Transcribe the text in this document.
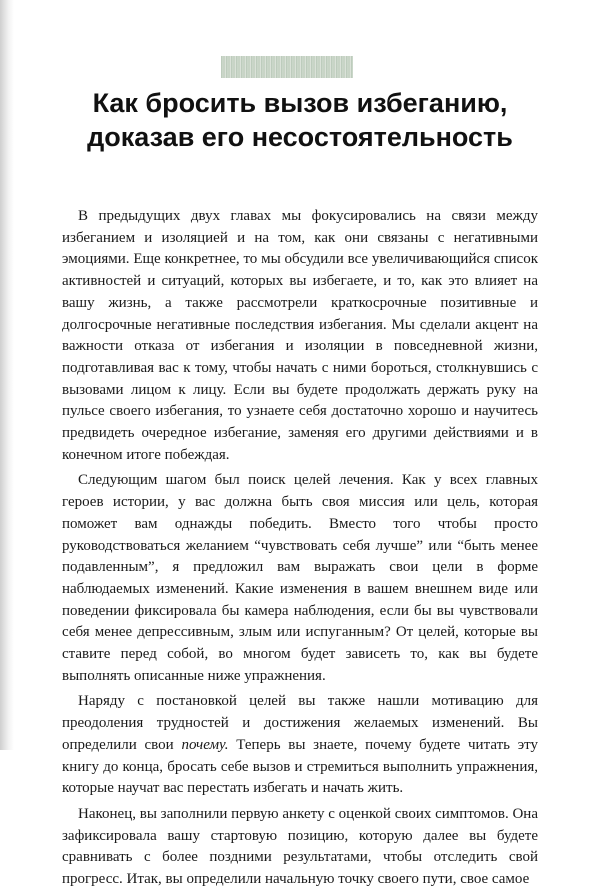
Как бросить вызов избеганию,
доказав его несостоятельность

В предыдущих двух главах мы фокусировались на связи между избеганием и изоляцией и на том, как они связаны с негативными эмоциями. Еще конкретнее, то мы обсудили все увеличивающийся список активностей и ситуаций, которых вы избегаете, и то, как это влияет на вашу жизнь, а также рассмотрели краткосрочные позитивные и долгосрочные негативные последствия избегания. Мы сделали акцент на важности отказа от избегания и изоляции в повседневной жизни, подготавливая вас к тому, чтобы начать с ними бороться, столкнувшись с вызовами лицом к лицу. Если вы будете продолжать держать руку на пульсе своего избегания, то узнаете себя достаточно хорошо и научитесь предвидеть очередное избегание, заменяя его другими действиями и в конечном итоге побеждая.

Следующим шагом был поиск целей лечения. Как у всех главных героев истории, у вас должна быть своя миссия или цель, которая поможет вам однажды победить. Вместо того чтобы просто руководствоваться желанием “чувствовать себя лучше” или “быть менее подавленным”, я предложил вам выражать свои цели в форме наблюдаемых изменений. Какие изменения в вашем внешнем виде или поведении фиксировала бы камера наблюдения, если бы вы чувствовали себя менее депрессивным, злым или испуганным? От целей, которые вы ставите перед собой, во многом будет зависеть то, как вы будете выполнять описанные ниже упражнения.

Наряду с постановкой целей вы также нашли мотивацию для преодоления трудностей и достижения желаемых изменений. Вы определили свои почему. Теперь вы знаете, почему будете читать эту книгу до конца, бросать себе вызов и стремиться выполнить упражнения, которые научат вас перестать избегать и начать жить.

Наконец, вы заполнили первую анкету с оценкой своих симптомов. Она зафиксировала вашу стартовую позицию, которую далее вы будете сравнивать с более поздними результатами, чтобы отследить свой прогресс. Итак, вы определили начальную точку своего пути, свое самое
